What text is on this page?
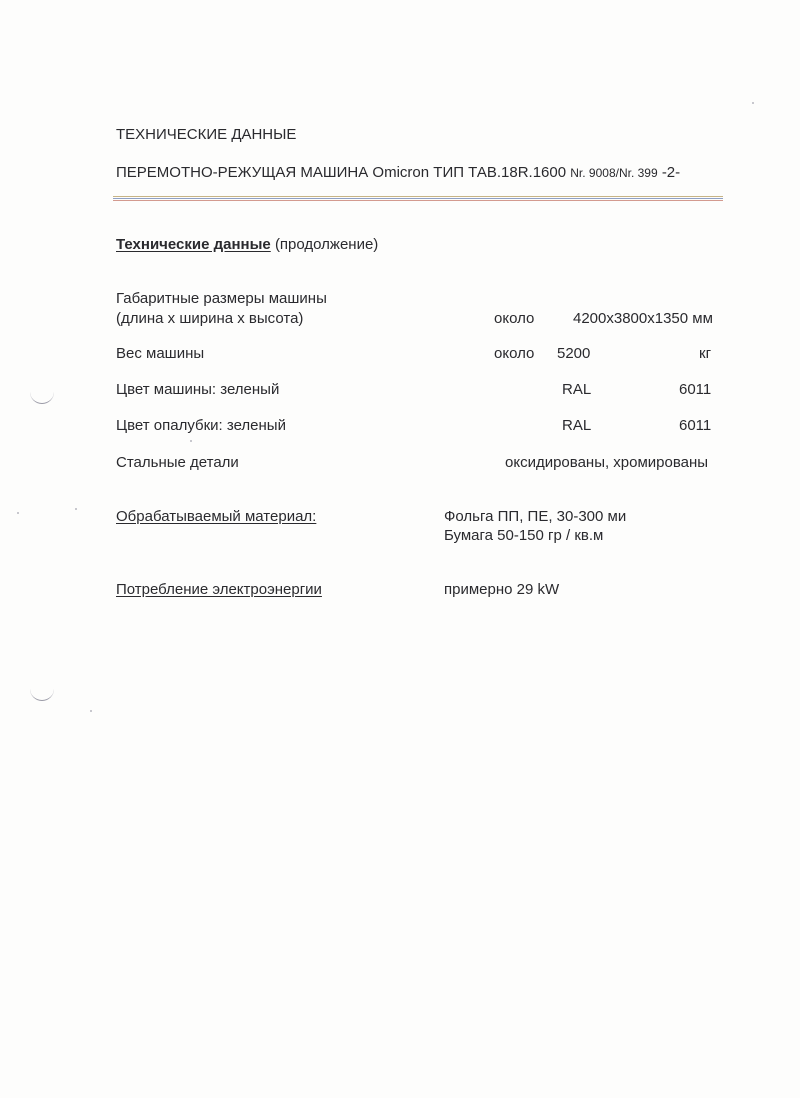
ТЕХНИЧЕСКИЕ ДАННЫЕ
ПЕРЕМОТНО-РЕЖУЩАЯ МАШИНА Omicron ТИП ТАВ.18R.1600 Nr. 9008/Nr. 399 -2-
Технические данные (продолжение)
Габаритные размеры машины
(длина х ширина х высота)	около	4200х3800х1350 мм
Вес машины	около 5200	кг
Цвет машины: зеленый	RAL	6011
Цвет опалубки: зеленый	RAL	6011
Стальные детали	оксидированы, хромированы
Обрабатываемый материал:	Фольга ПП, ПЕ, 30-300 ми
Бумага 50-150 гр / кв.м
Потребление электроэнергии	примерно 29 kW
